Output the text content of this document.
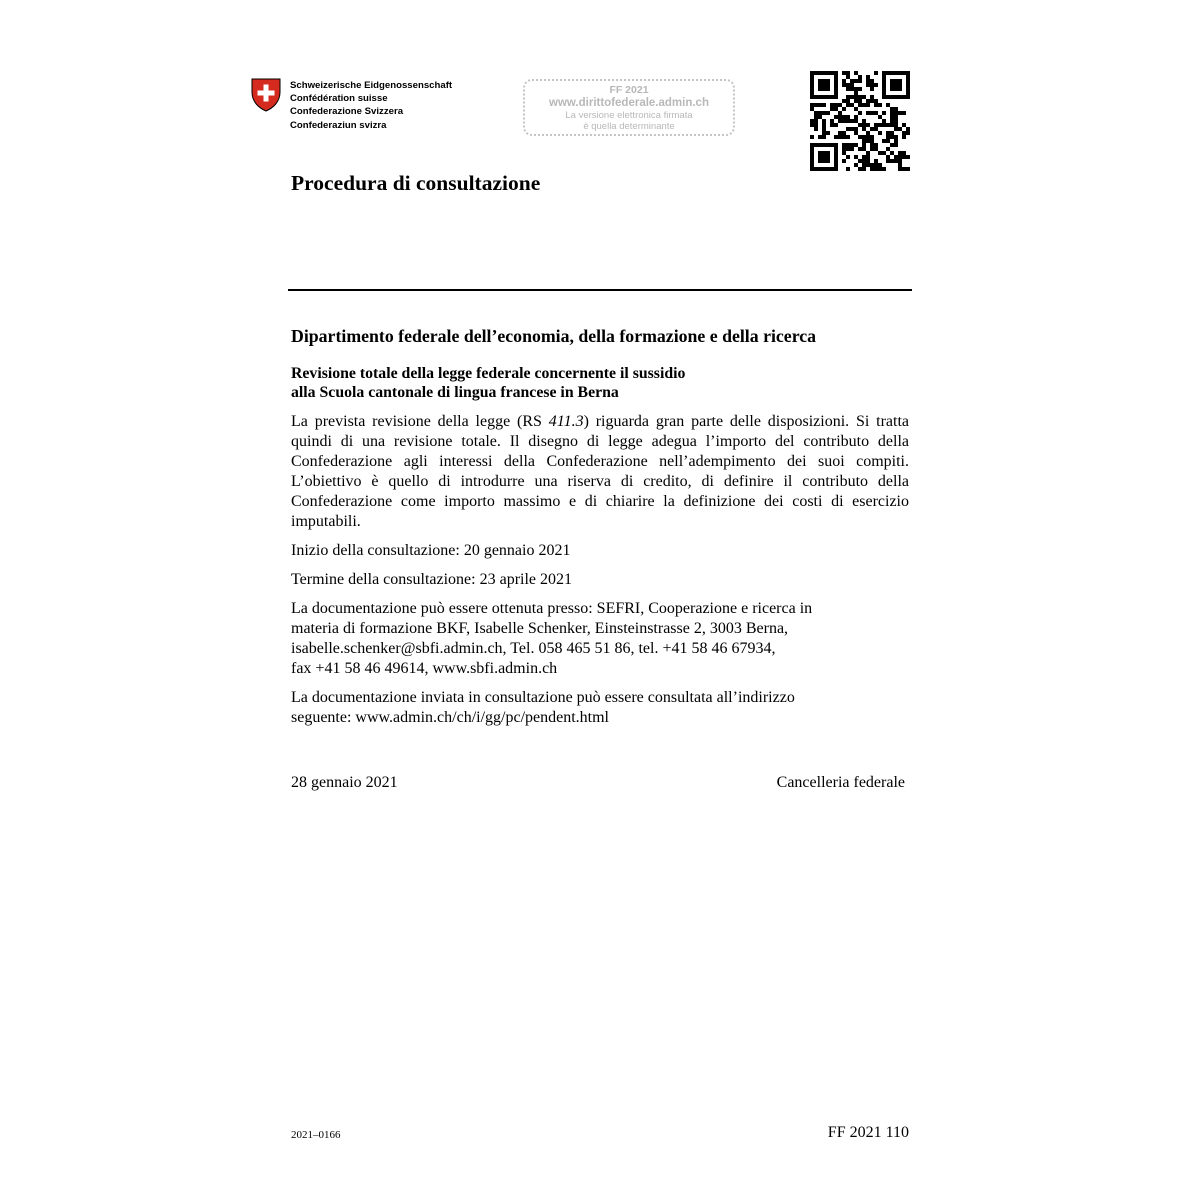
Schweizerische Eidgenossenschaft
Confédération suisse
Confederazione Svizzera
Confederaziun svizra
FF 2021
www.dirittofederale.admin.ch
La versione elettronica firmata
è quella determinante
Procedura di consultazione
Dipartimento federale dell’economia, della formazione e della ricerca
Revisione totale della legge federale concernente il sussidio
alla Scuola cantonale di lingua francese in Berna

La prevista revisione della legge (RS 411.3) riguarda gran parte delle disposizioni. Si tratta quindi di una revisione totale. Il disegno di legge adegua l’importo del contributo della Confederazione agli interessi della Confederazione nell’adempimento dei suoi compiti. L’obiettivo è quello di introdurre una riserva di credito, di definire il contributo della Confederazione come importo massimo e di chiarire la definizione dei costi di esercizio imputabili.

Inizio della consultazione: 20 gennaio 2021

Termine della consultazione: 23 aprile 2021

La documentazione può essere ottenuta presso: SEFRI, Cooperazione e ricerca in
materia di formazione BKF, Isabelle Schenker, Einsteinstrasse 2, 3003 Berna,
isabelle.schenker@sbfi.admin.ch, Tel. 058 465 51 86, tel. +41 58 46 67934,
fax +41 58 46 49614, www.sbfi.admin.ch

La documentazione inviata in consultazione può essere consultata all’indirizzo
seguente: www.admin.ch/ch/i/gg/pc/pendent.html

28 gennaio 2021	Cancelleria federale
2021–0166	FF 2021 110
